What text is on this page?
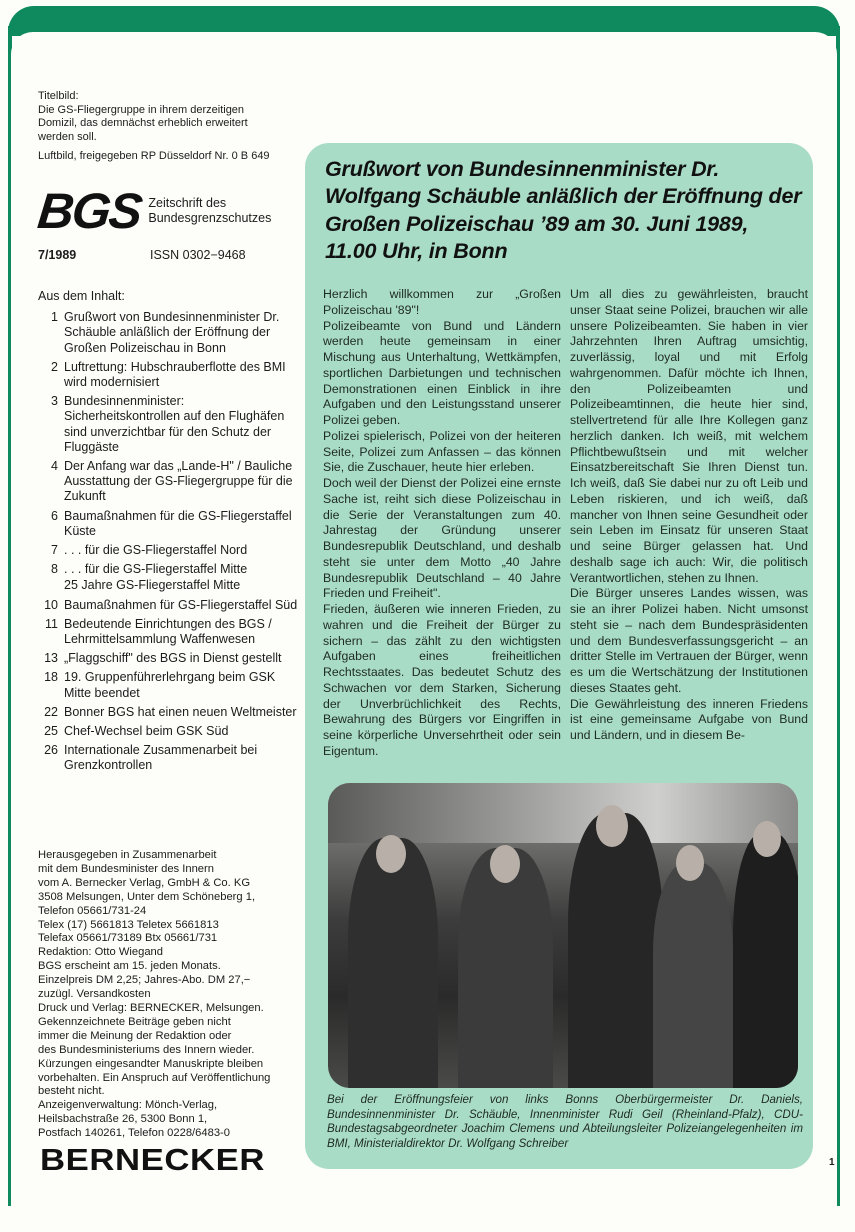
Titelbild:

Die GS-Fliegergruppe in ihrem derzeitigen Domizil, das demnächst erheblich erweitert werden soll.

Luftbild, freigegeben RP Düsseldorf Nr. 0 B 649

BGS Zeitschrift des
Bundesgrenzschutzes
7/1989	ISSN 0302−9468
Aus dem Inhalt:
1 Grußwort von Bundesinnenminister Dr. Schäuble anläßlich der Eröffnung der Großen Polizeischau in Bonn
2 Luftrettung: Hubschrauberflotte des BMI wird modernisiert
3 Bundesinnenminister: Sicherheitskontrollen auf den Flughäfen sind unverzichtbar für den Schutz der Fluggäste
4 Der Anfang war das „Lande-H" / Bauliche Ausstattung der GS-Fliegergruppe für die Zukunft
6 Baumaßnahmen für die GS-Fliegerstaffel Küste
7 . . . für die GS-Fliegerstaffel Nord
8 . . . für die GS-Fliegerstaffel Mitte
25 Jahre GS-Fliegerstaffel Mitte
10 Baumaßnahmen für GS-Fliegerstaffel Süd
11 Bedeutende Einrichtungen des BGS / Lehrmittelsammlung Waffenwesen
13 „Flaggschiff" des BGS in Dienst gestellt
18 19. Gruppenführerlehrgang beim GSK Mitte beendet
22 Bonner BGS hat einen neuen Weltmeister
25 Chef-Wechsel beim GSK Süd
26 Internationale Zusammenarbeit bei Grenzkontrollen

Herausgegeben in Zusammenarbeit

mit dem Bundesminister des Innern

vom A. Bernecker Verlag, GmbH & Co. KG

3508 Melsungen, Unter dem Schöneberg 1,

Telefon 05661/731-24

Telex (17) 5661813 Teletex 5661813

Telefax 05661/73189 Btx 05661/731

Redaktion: Otto Wiegand

BGS erscheint am 15. jeden Monats.

Einzelpreis DM 2,25; Jahres-Abo. DM 27,−

zuzügl. Versandkosten

Druck und Verlag: BERNECKER, Melsungen.

Gekennzeichnete Beiträge geben nicht

immer die Meinung der Redaktion oder

des Bundesministeriums des Innern wieder.

Kürzungen eingesandter Manuskripte bleiben

vorbehalten. Ein Anspruch auf Veröffentlichung

besteht nicht.

Anzeigenverwaltung: Mönch-Verlag,

Heilsbachstraße 26, 5300 Bonn 1,

Postfach 140261, Telefon 0228/6483-0

BERNECKER
Grußwort von Bundesinnenminister Dr. Wolfgang Schäuble anläßlich der Eröffnung der Großen Polizeischau ’89 am 30. Juni 1989, 11.00 Uhr, in Bonn

Herzlich willkommen zur „Großen Polizeischau '89"!

Polizeibeamte von Bund und Ländern werden heute gemeinsam in einer Mischung aus Unterhaltung, Wettkämpfen, sportlichen Darbietungen und technischen Demonstrationen einen Einblick in ihre Aufgaben und den Leistungsstand unserer Polizei geben.

Polizei spielerisch, Polizei von der heiteren Seite, Polizei zum Anfassen – das können Sie, die Zuschauer, heute hier erleben.

Doch weil der Dienst der Polizei eine ernste Sache ist, reiht sich diese Polizeischau in die Serie der Veranstaltungen zum 40. Jahrestag der Gründung unserer Bundesrepublik Deutschland, und deshalb steht sie unter dem Motto „40 Jahre Bundesrepublik Deutschland – 40 Jahre Frieden und Freiheit".

Frieden, äußeren wie inneren Frieden, zu wahren und die Freiheit der Bürger zu sichern – das zählt zu den wichtigsten Aufgaben eines freiheitlichen Rechtsstaates. Das bedeutet Schutz des Schwachen vor dem Starken, Sicherung der Unverbrüchlichkeit des Rechts, Bewahrung des Bürgers vor Eingriffen in seine körperliche Unversehrtheit oder sein Eigentum.

Um all dies zu gewährleisten, braucht unser Staat seine Polizei, brauchen wir alle unsere Polizeibeamten. Sie haben in vier Jahrzehnten Ihren Auftrag umsichtig, zuverlässig, loyal und mit Erfolg wahrgenommen. Dafür möchte ich Ihnen, den Polizeibeamten und Polizeibeamtinnen, die heute hier sind, stellvertretend für alle Ihre Kollegen ganz herzlich danken. Ich weiß, mit welchem Pflichtbewußtsein und mit welcher Einsatzbereitschaft Sie Ihren Dienst tun. Ich weiß, daß Sie dabei nur zu oft Leib und Leben riskieren, und ich weiß, daß mancher von Ihnen seine Gesundheit oder sein Leben im Einsatz für unseren Staat und seine Bürger gelassen hat. Und deshalb sage ich auch: Wir, die politisch Verantwortlichen, stehen zu Ihnen.

Die Bürger unseres Landes wissen, was sie an ihrer Polizei haben. Nicht umsonst steht sie – nach dem Bundespräsidenten und dem Bundesverfassungsgericht – an dritter Stelle im Vertrauen der Bürger, wenn es um die Wertschätzung der Institutionen dieses Staates geht.

Die Gewährleistung des inneren Friedens ist eine gemeinsame Aufgabe von Bund und Ländern, und in diesem Be-

Bei der Eröffnungsfeier von links Bonns Oberbürgermeister Dr. Daniels, Bundesinnenminister Dr. Schäuble, Innenminister Rudi Geil (Rheinland-Pfalz), CDU-Bundestagsabgeordneter Joachim Clemens und Abteilungsleiter Polizeiangelegenheiten im BMI, Ministerialdirektor Dr. Wolfgang Schreiber

1
